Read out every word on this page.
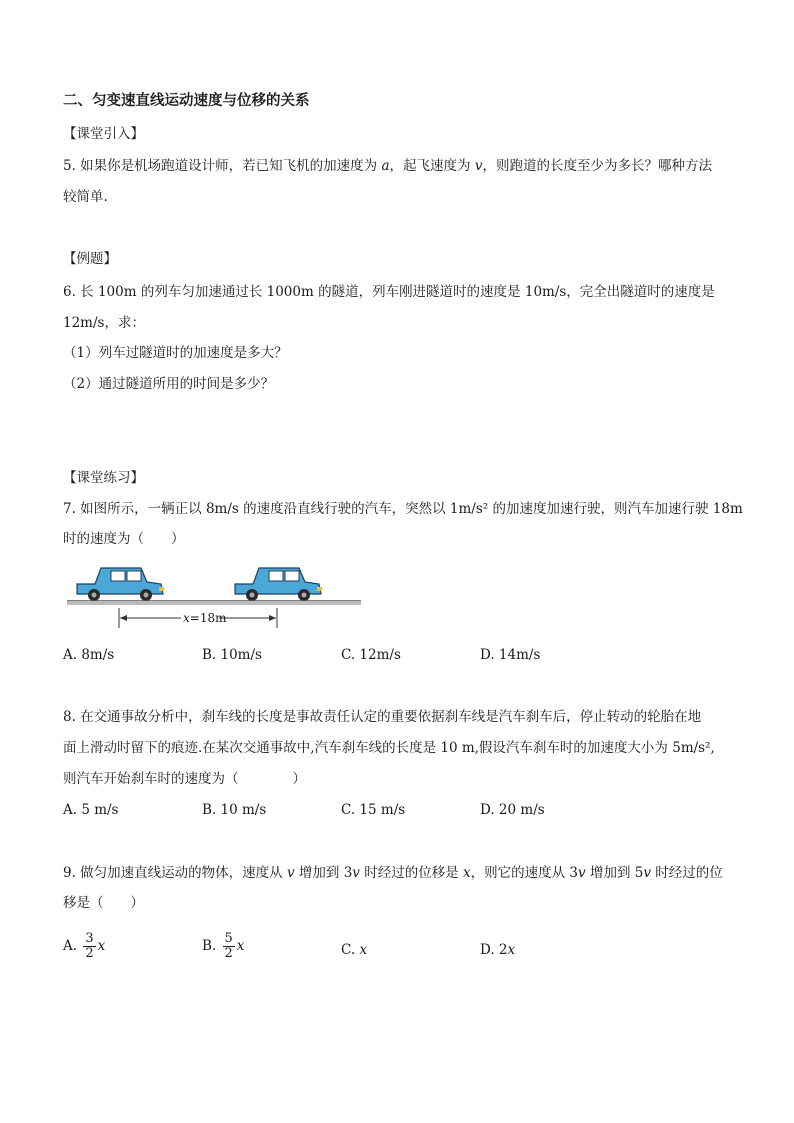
二、匀变速直线运动速度与位移的关系
【课堂引入】
5. 如果你是机场跑道设计师，若已知飞机的加速度为 a，起飞速度为 v，则跑道的长度至少为多长？哪种方法
较简单.
【例题】
6. 长 100m 的列车匀加速通过长 1000m 的隧道，列车刚进隧道时的速度是 10m/s，完全出隧道时的速度是
12m/s，求：
（1）列车过隧道时的加速度是多大？
（2）通过隧道所用的时间是多少？
【课堂练习】
7. 如图所示，一辆正以 8m/s 的速度沿直线行驶的汽车，突然以 1m/s² 的加速度加速行驶，则汽车加速行驶 18m
时的速度为（　　）
x=18m
A. 8m/s	B. 10m/s	C. 12m/s	D. 14m/s
8. 在交通事故分析中，刹车线的长度是事故责任认定的重要依据刹车线是汽车刹车后，停止转动的轮胎在地
面上滑动时留下的痕迹.在某次交通事故中,汽车刹车线的长度是 10 m,假设汽车刹车时的加速度大小为 5m/s²,
则汽车开始刹车时的速度为（　　　　）
A. 5 m/s	B. 10 m/s	C. 15 m/s	D. 20 m/s
9. 做匀加速直线运动的物体，速度从 v 增加到 3v 时经过的位移是 x，则它的速度从 3v 增加到 5v 时经过的位
移是（　　）
A. $\frac{3}{2}$ x	B. $\frac{5}{2}$ x	C. x	D. 2x
